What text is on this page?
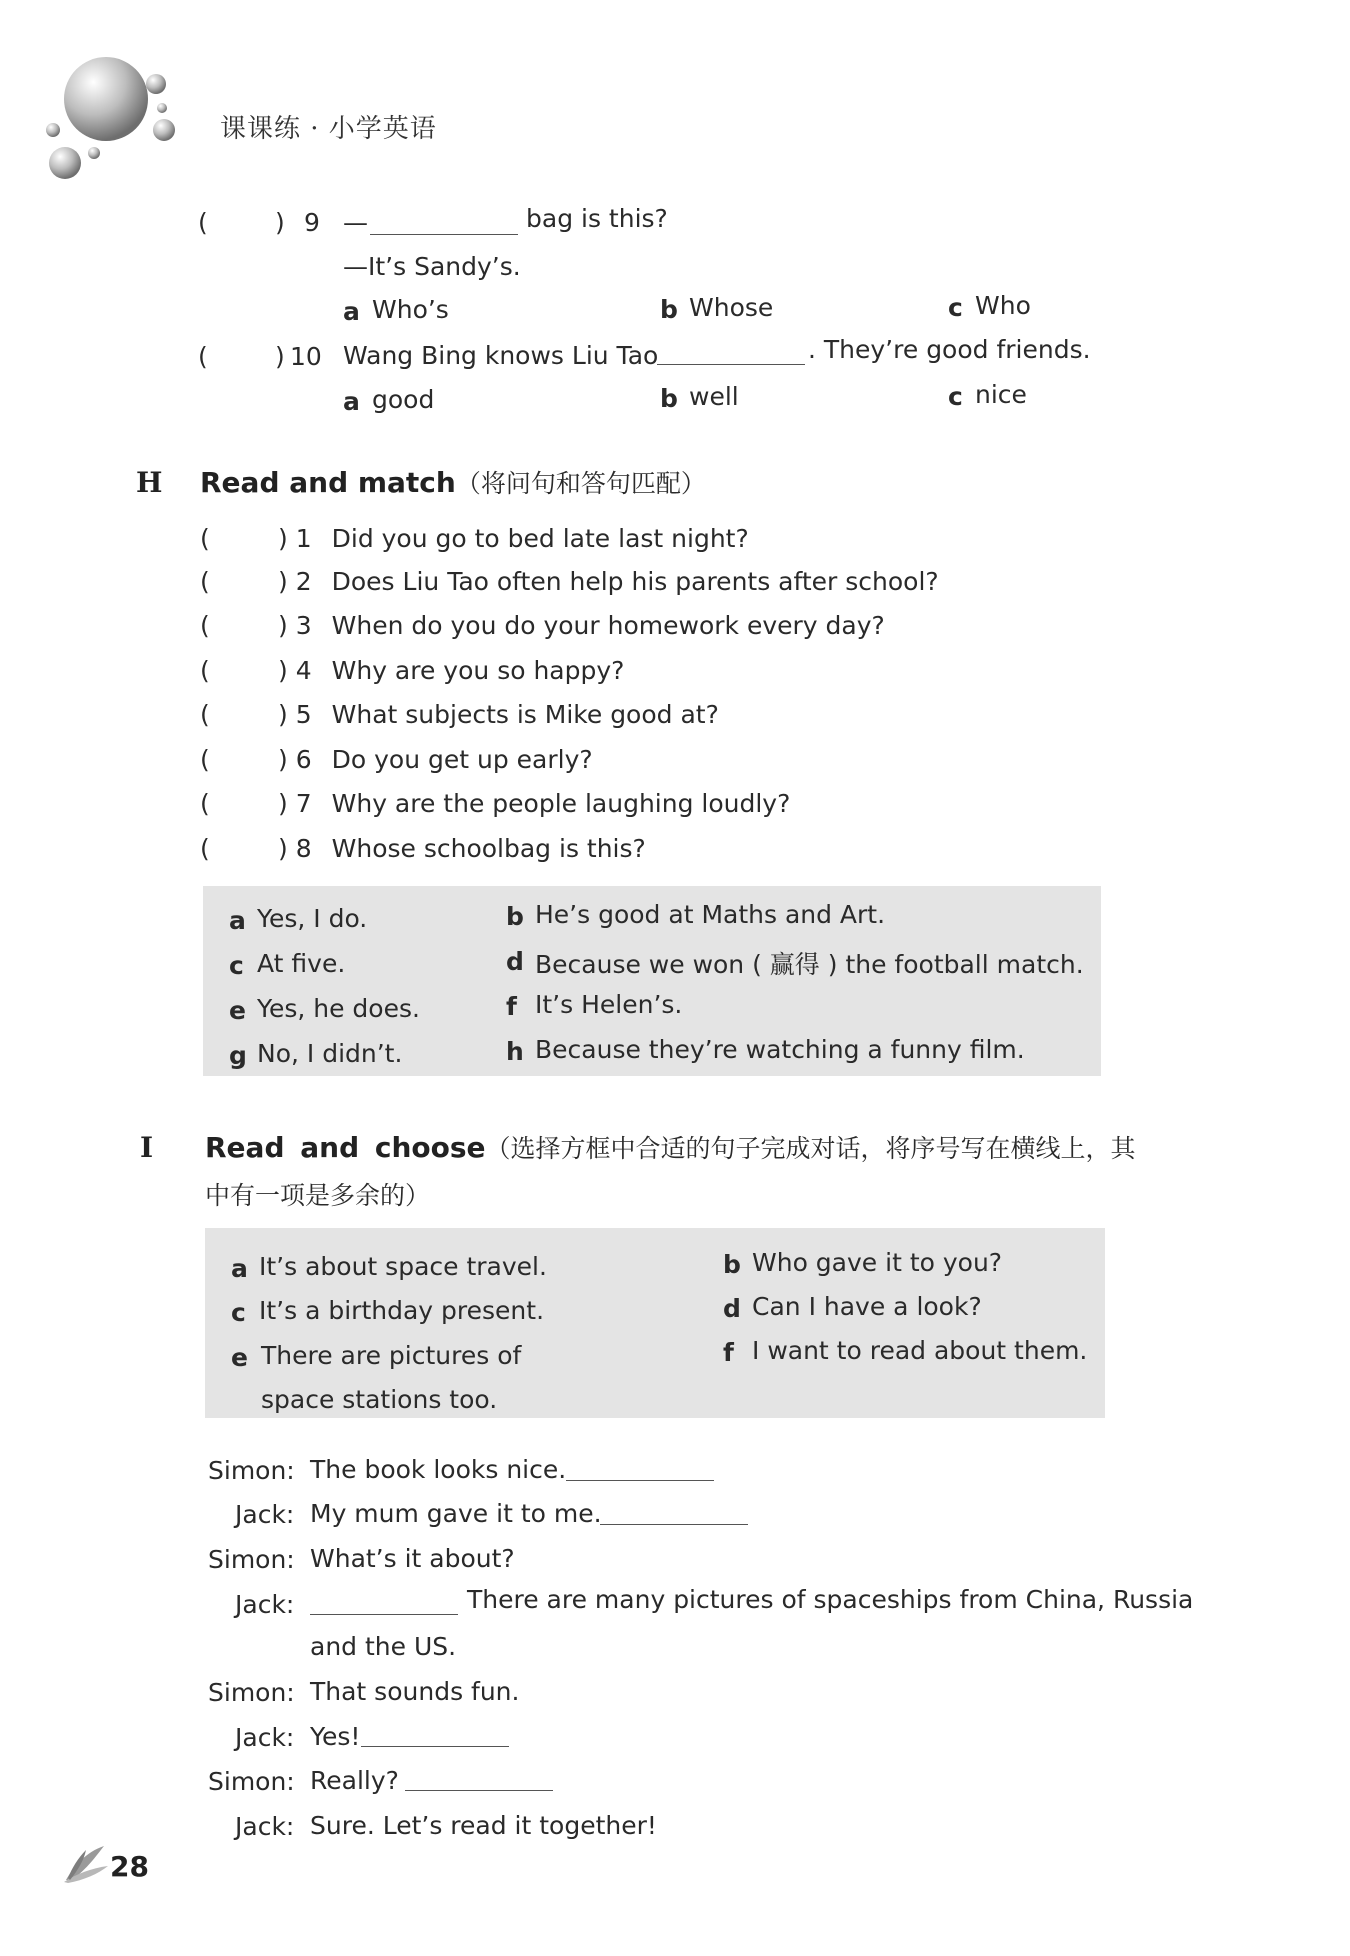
课课练 · 小学英语
(	) 9 —	bag is this?
—It’s Sandy’s.
a Who’s	b Whose	c Who
(	) 10 Wang Bing knows Liu Tao	. They’re good friends.
a good	b well	c nice
H Read and match（将问句和答句匹配）
(	) 1 Did you go to bed late last night?
(	) 2 Does Liu Tao often help his parents after school?
(	) 3 When do you do your homework every day?
(	) 4 Why are you so happy?
(	) 5 What subjects is Mike good at?
(	) 6 Do you get up early?
(	) 7 Why are the people laughing loudly?
(	) 8 Whose schoolbag is this?
a Yes, I do.	b He’s good at Maths and Art.
c At five.	d Because we won ( 赢得 ) the football match.
e Yes, he does.	f It’s Helen’s.
g No, I didn’t.	h Because they’re watching a funny film.
I Read and choose（选择方框中合适的句子完成对话，将序号写在横线上，其
中有一项是多余的）
a It’s about space travel.	b Who gave it to you?
c It’s a birthday present.	d Can I have a look?
e There are pictures of
space stations too.
f I want to read about them.
Simon: The book looks nice.
Jack: My mum gave it to me.
Simon: What’s it about?
Jack:	There are many pictures of spaceships from China, Russia
and the US.
Simon: That sounds fun.
Jack: Yes!
Simon: Really?
Jack: Sure. Let’s read it together!
28
